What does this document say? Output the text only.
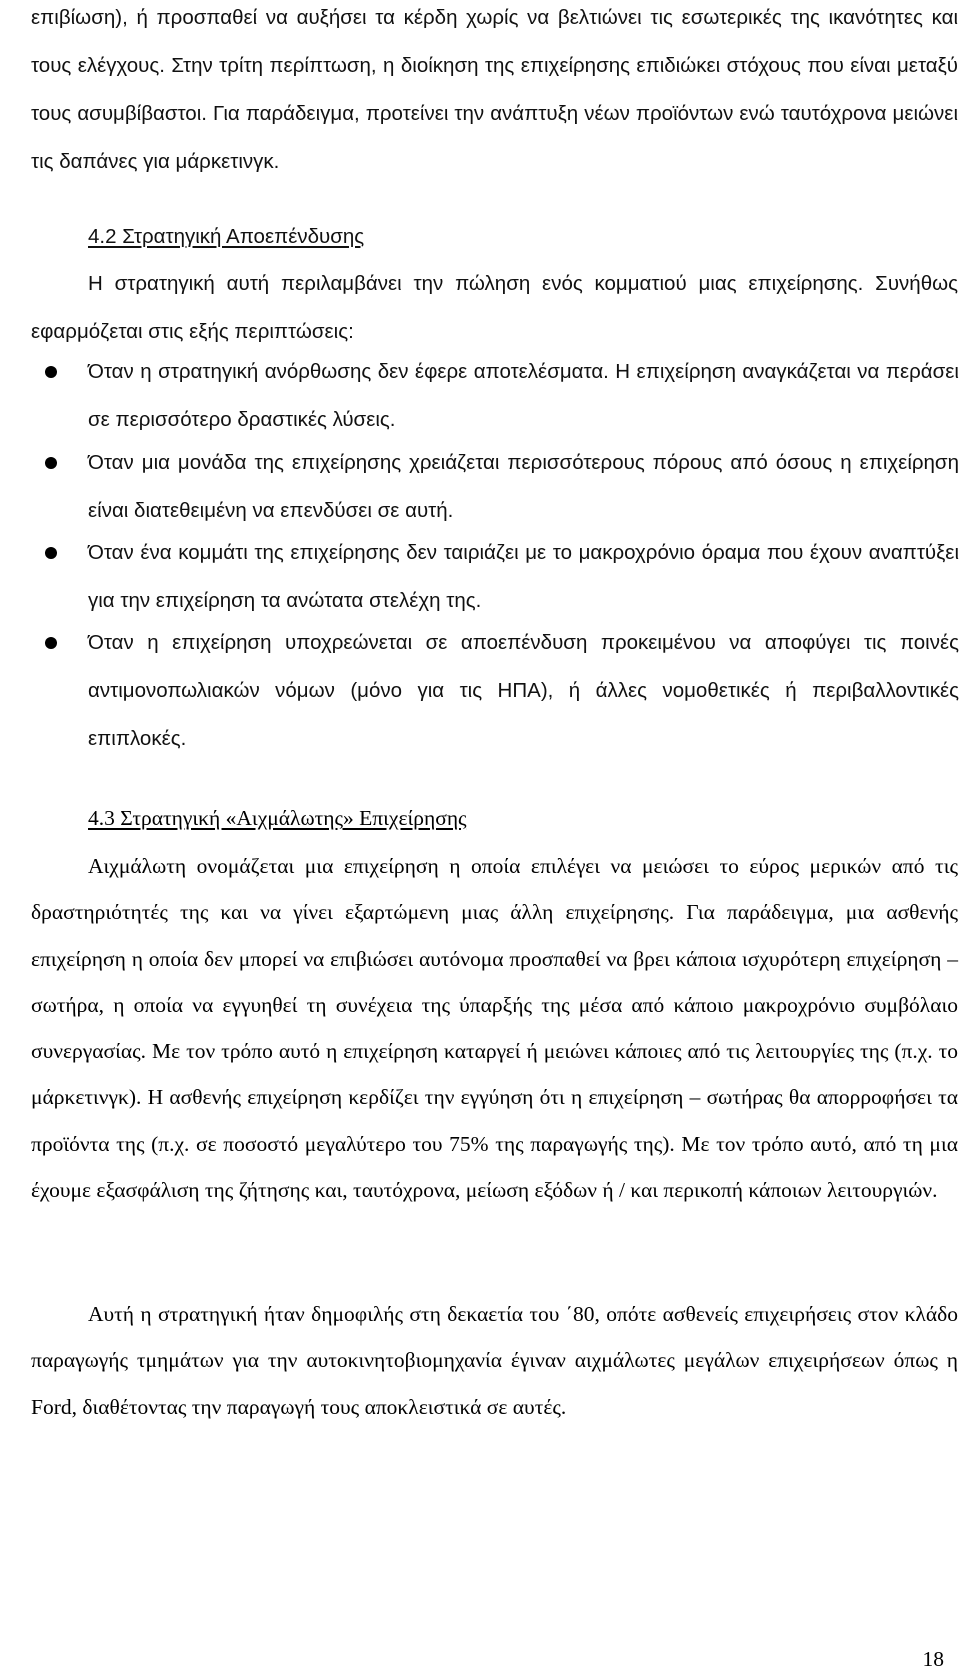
επιβίωση), ή προσπαθεί να αυξήσει τα κέρδη χωρίς να βελτιώνει τις εσωτερικές της ικανότητες και τους ελέγχους. Στην τρίτη περίπτωση, η διοίκηση της επιχείρησης επιδιώκει στόχους που είναι μεταξύ τους ασυμβίβαστοι. Για παράδειγμα, προτείνει την ανάπτυξη νέων προϊόντων ενώ ταυτόχρονα μειώνει τις δαπάνες για μάρκετινγκ.

4.2 Στρατηγική Αποεπένδυσης

Η στρατηγική αυτή περιλαμβάνει την πώληση ενός κομματιού μιας επιχείρησης. Συνήθως εφαρμόζεται στις εξής περιπτώσεις:

Όταν η στρατηγική ανόρθωσης δεν έφερε αποτελέσματα. Η επιχείρηση αναγκάζεται να περάσει σε περισσότερο δραστικές λύσεις.

Όταν μια μονάδα της επιχείρησης χρειάζεται περισσότερους πόρους από όσους η επιχείρηση είναι διατεθειμένη να επενδύσει σε αυτή.

Όταν ένα κομμάτι της επιχείρησης δεν ταιριάζει με το μακροχρόνιο όραμα που έχουν αναπτύξει για την επιχείρηση τα ανώτατα στελέχη της.

Όταν η επιχείρηση υποχρεώνεται σε αποεπένδυση προκειμένου να αποφύγει τις ποινές αντιμονοπωλιακών νόμων (μόνο για τις ΗΠΑ), ή άλλες νομοθετικές ή περιβαλλοντικές επιπλοκές.

4.3 Στρατηγική «Αιχμάλωτης» Επιχείρησης

Αιχμάλωτη ονομάζεται μια επιχείρηση η οποία επιλέγει να μειώσει το εύρος μερικών από τις δραστηριότητές της και να γίνει εξαρτώμενη μιας άλλη επιχείρησης. Για παράδειγμα, μια ασθενής επιχείρηση η οποία δεν μπορεί να επιβιώσει αυτόνομα προσπαθεί να βρει κάποια ισχυρότερη επιχείρηση – σωτήρα, η οποία να εγγυηθεί τη συνέχεια της ύπαρξής της μέσα από κάποιο μακροχρόνιο συμβόλαιο συνεργασίας. Με τον τρόπο αυτό η επιχείρηση καταργεί ή μειώνει κάποιες από τις λειτουργίες της (π.χ. το μάρκετινγκ). Η ασθενής επιχείρηση κερδίζει την εγγύηση ότι η επιχείρηση – σωτήρας θα απορροφήσει τα προϊόντα της (π.χ. σε ποσοστό μεγαλύτερο του 75% της παραγωγής της). Με τον τρόπο αυτό, από τη μια έχουμε εξασφάλιση της ζήτησης και, ταυτόχρονα, μείωση εξόδων ή / και περικοπή κάποιων λειτουργιών.

Αυτή η στρατηγική ήταν δημοφιλής στη δεκαετία του ΄80, οπότε ασθενείς επιχειρήσεις στον κλάδο παραγωγής τμημάτων για την αυτοκινητοβιομηχανία έγιναν αιχμάλωτες μεγάλων επιχειρήσεων όπως η Ford, διαθέτοντας την παραγωγή τους αποκλειστικά σε αυτές.

18
